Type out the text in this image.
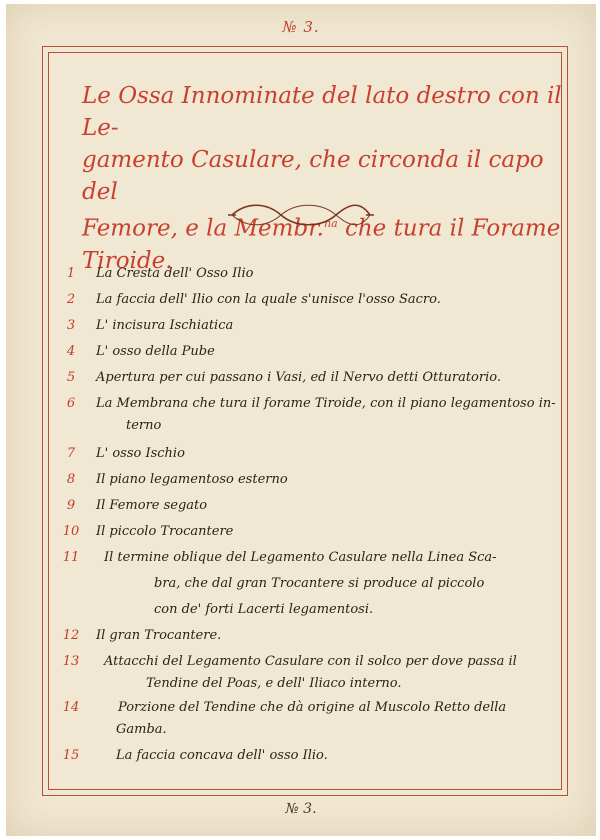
№ 3.
Le Ossa Innominate del lato destro con il Le-
gamento Casulare, che circonda il capo del
Femore, e la Membr.$^{na}$ che tura il Forame Tiroide.
1	La Cresta dell' Osso Ilio
2	La faccia dell' Ilio con la quale s'unisce l'osso Sacro.
3	L' incisura Ischiatica
4	L' osso della Pube
5	Apertura per cui passano i Vasi, ed il Nervo detti Otturatorio.
6	La Membrana che tura il forame Tiroide, con il piano legamentoso in-
terno
7	L' osso Ischio
8	Il piano legamentoso esterno
9	Il Femore segato
10	Il piccolo Trocantere
11	Il termine oblique del Legamento Casulare nella Linea Sca-
bra, che dal gran Trocantere si produce al piccolo
con de' forti Lacerti legamentosi.
12	Il gran Trocantere.
13	Attacchi del Legamento Casulare con il solco per dove passa il
Tendine del Poas, e dell' Iliaco interno.
14	Porzione del Tendine che dà origine al Muscolo Retto della
Gamba.
15	La faccia concava dell' osso Ilio.
№ 3.
